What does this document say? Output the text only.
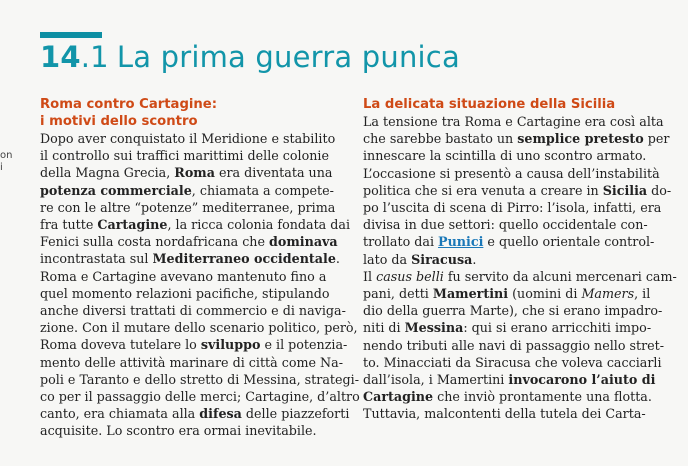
14.1 La prima guerra punica
on
i
Roma contro Cartagine:
i motivi dello scontro
Dopo aver conquistato il Meridione e stabilito
il controllo sui traffici marittimi delle colonie
della Magna Grecia, Roma era diventata una
potenza commerciale, chiamata a compete-
re con le altre “potenze” mediterranee, prima
fra tutte Cartagine, la ricca colonia fondata dai
Fenici sulla costa nordafricana che dominava
incontrastata sul Mediterraneo occidentale.
Roma e Cartagine avevano mantenuto fino a
quel momento relazioni pacifiche, stipulando
anche diversi trattati di commercio e di naviga-
zione. Con il mutare dello scenario politico, però,
Roma doveva tutelare lo sviluppo e il potenzia-
mento delle attività marinare di città come Na-
poli e Taranto e dello stretto di Messina, strategi-
co per il passaggio delle merci; Cartagine, d’altro
canto, era chiamata alla difesa delle piazzeforti
acquisite. Lo scontro era ormai inevitabile.
La delicata situazione della Sicilia
La tensione tra Roma e Cartagine era così alta
che sarebbe bastato un semplice pretesto per
innescare la scintilla di uno scontro armato.
L’occasione si presentò a causa dell’instabilità
politica che si era venuta a creare in Sicilia do-
po l’uscita di scena di Pirro: l’isola, infatti, era
divisa in due settori: quello occidentale con-
trollato dai Punici e quello orientale control-
lato da Siracusa.
Il casus belli fu servito da alcuni mercenari cam-
pani, detti Mamertini (uomini di Mamers, il
dio della guerra Marte), che si erano impadro-
niti di Messina: qui si erano arricchiti impo-
nendo tributi alle navi di passaggio nello stret-
to. Minacciati da Siracusa che voleva cacciarli
dall’isola, i Mamertini invocarono l’aiuto di
Cartagine che inviò prontamente una flotta.
Tuttavia, malcontenti della tutela dei Carta-
